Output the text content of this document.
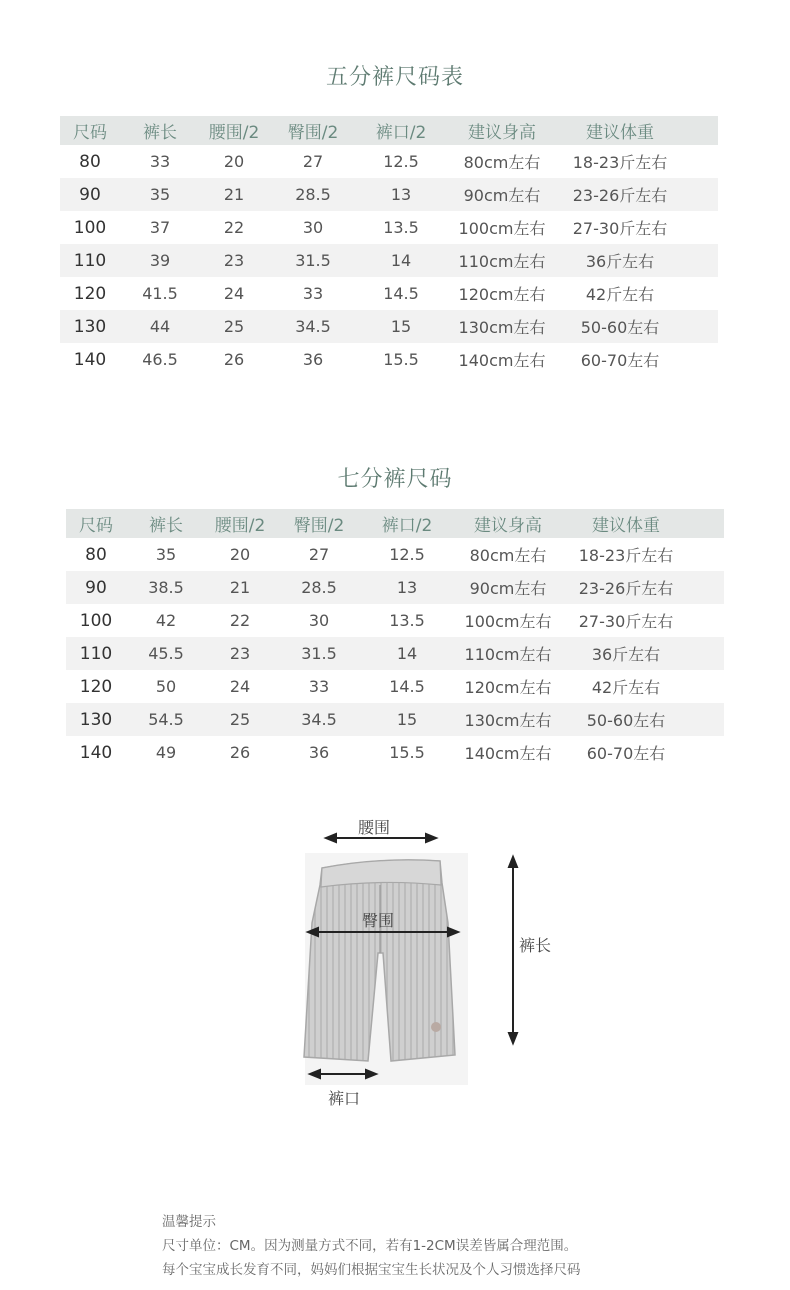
五分裤尺码表
尺码	裤长	腰围/2	臀围/2	裤口/2	建议身高	建议体重
80	33	20	27	12.5	80cm左右	18-23斤左右
90	35	21	28.5	13	90cm左右	23-26斤左右
100	37	22	30	13.5	100cm左右	27-30斤左右
110	39	23	31.5	14	110cm左右	36斤左右
120	41.5	24	33	14.5	120cm左右	42斤左右
130	44	25	34.5	15	130cm左右	50-60左右
140	46.5	26	36	15.5	140cm左右	60-70左右
七分裤尺码
尺码	裤长	腰围/2	臀围/2	裤口/2	建议身高	建议体重
80	35	20	27	12.5	80cm左右	18-23斤左右
90	38.5	21	28.5	13	90cm左右	23-26斤左右
100	42	22	30	13.5	100cm左右	27-30斤左右
110	45.5	23	31.5	14	110cm左右	36斤左右
120	50	24	33	14.5	120cm左右	42斤左右
130	54.5	25	34.5	15	130cm左右	50-60左右
140	49	26	36	15.5	140cm左右	60-70左右
腰围
臀围
裤长
裤口
温馨提示
尺寸单位：CM。因为测量方式不同，若有1-2CM误差皆属合理范围。
每个宝宝成长发育不同，妈妈们根据宝宝生长状况及个人习惯选择尺码
